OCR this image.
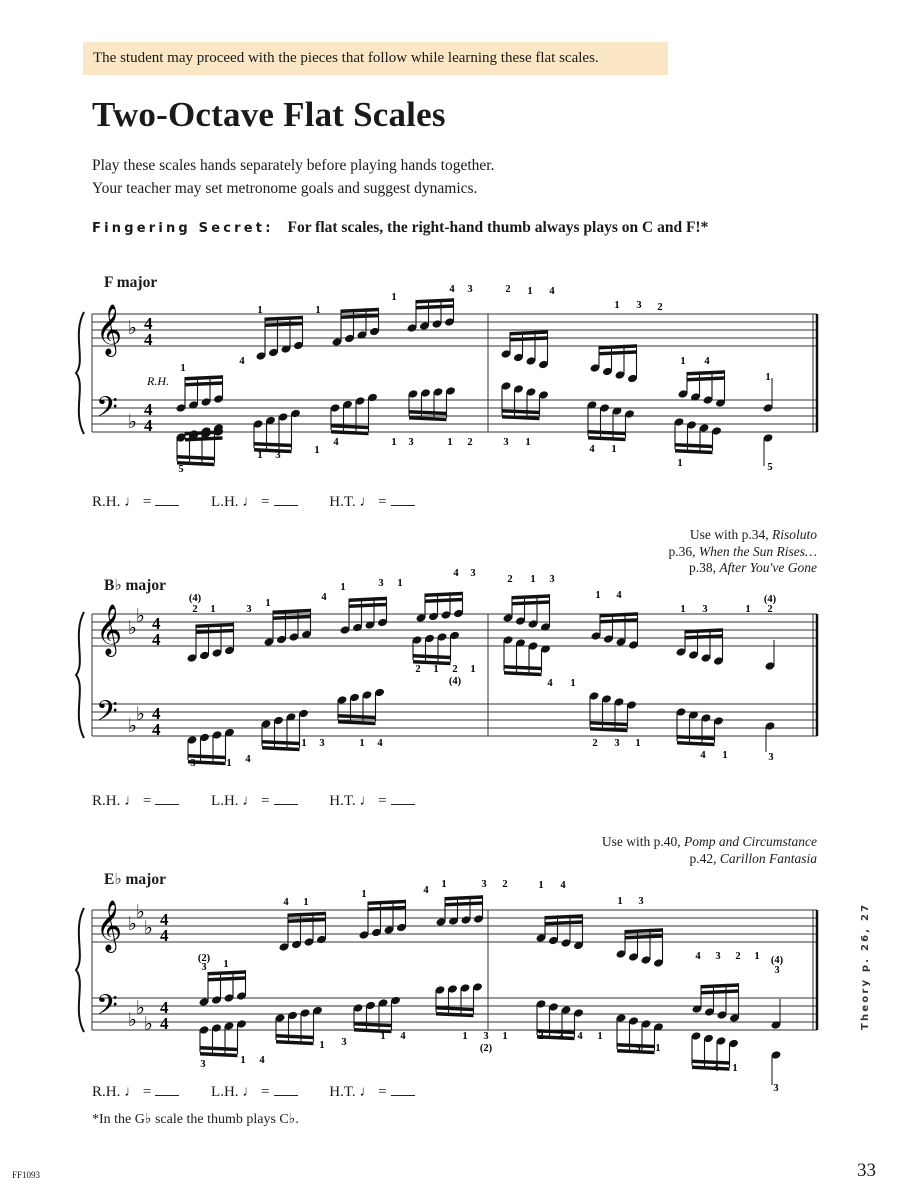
The student may proceed with the pieces that follow while learning these flat scales.
Two-Octave Flat Scales
Play these scales hands separately before playing hands together.
Your teacher may set metronome goals and suggest dynamics.
Fingering Secret: For flat scales, the right-hand thumb always plays on C and F!*
F major
𝄞
𝄢
♭
♭
4
4
4
4
R.H.
1
4
1	1
1
4 3
5
1 3	1
4	1 3	1 2
2 1 4
1 3 2
1
5
3 1
4 1
1
1 4
R.H. ♩ =	L.H. ♩ =	H.T. ♩ =
Use with p.34, Risoluto
p.36, When the Sun Rises…
p.38, After You've Gone
B♭ major
𝄞
𝄢
♭
♭
♭
♭
4
4
4
4
(4)
2 1	3
1
4
1	3 1
4 3
2 1 2 1
(4)
3	1 4
1 3	1 4
2 1 3
1 4
1 3	1
(4)
2
4 1
2 3 1
4 1	3
R.H. ♩ =	L.H. ♩ =	H.T. ♩ =
Use with p.40, Pomp and Circumstance
p.42, Carillon Fantasia
E♭ major
𝄞
𝄢
♭
♭
♭
♭
♭
♭
4
4
4
4
4 1
1	4
1	3 2
(2)
3 1
3	1 4
1 3
1 4	1 3 1
(2)
1 4
1 3
4 3 2 1 (4)
3
2 3 4 1
3 1
4 1
3
R.H. ♩ =	L.H. ♩ =	H.T. ♩ =
*In the G♭ scale the thumb plays C♭.
Theory p. 26, 27
FF1093	33
